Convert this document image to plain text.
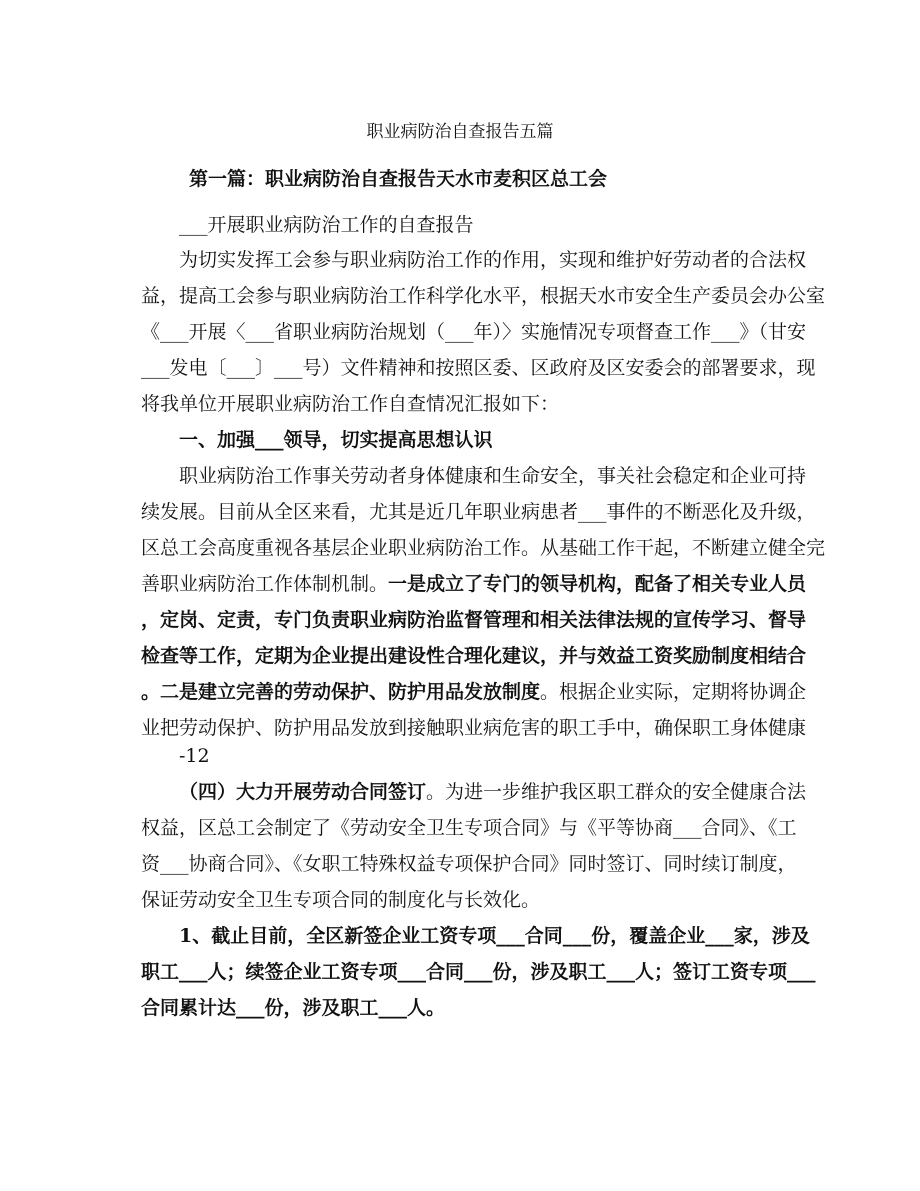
职业病防治自查报告五篇
第一篇：职业病防治自查报告天水市麦积区总工会
___开展职业病防治工作的自查报告
为切实发挥工会参与职业病防治工作的作用，实现和维护好劳动者的合法权
益，提高工会参与职业病防治工作科学化水平，根据天水市安全生产委员会办公室
《___开展〈___省职业病防治规划（___年）〉实施情况专项督查工作___》（甘安
___发电〔___〕___号）文件精神和按照区委、区政府及区安委会的部署要求，现
将我单位开展职业病防治工作自查情况汇报如下：
一、加强___领导，切实提高思想认识
职业病防治工作事关劳动者身体健康和生命安全，事关社会稳定和企业可持
续发展。目前从全区来看，尤其是近几年职业病患者___事件的不断恶化及升级，
区总工会高度重视各基层企业职业病防治工作。从基础工作干起，不断建立健全完
善职业病防治工作体制机制。一是成立了专门的领导机构，配备了相关专业人员
，定岗、定责，专门负责职业病防治监督管理和相关法律法规的宣传学习、督导
检查等工作，定期为企业提出建设性合理化建议，并与效益工资奖励制度相结合
。二是建立完善的劳动保护、防护用品发放制度。根据企业实际，定期将协调企
业把劳动保护、防护用品发放到接触职业病危害的职工手中，确保职工身体健康
-12
（四）大力开展劳动合同签订。为进一步维护我区职工群众的安全健康合法
权益，区总工会制定了《劳动安全卫生专项合同》与《平等协商___合同》、《工
资___协商合同》、《女职工特殊权益专项保护合同》同时签订、同时续订制度，
保证劳动安全卫生专项合同的制度化与长效化。
1、截止目前，全区新签企业工资专项___合同___份，覆盖企业___家，涉及
职工___人；续签企业工资专项___合同___份，涉及职工___人；签订工资专项___
合同累计达___份，涉及职工___人。
